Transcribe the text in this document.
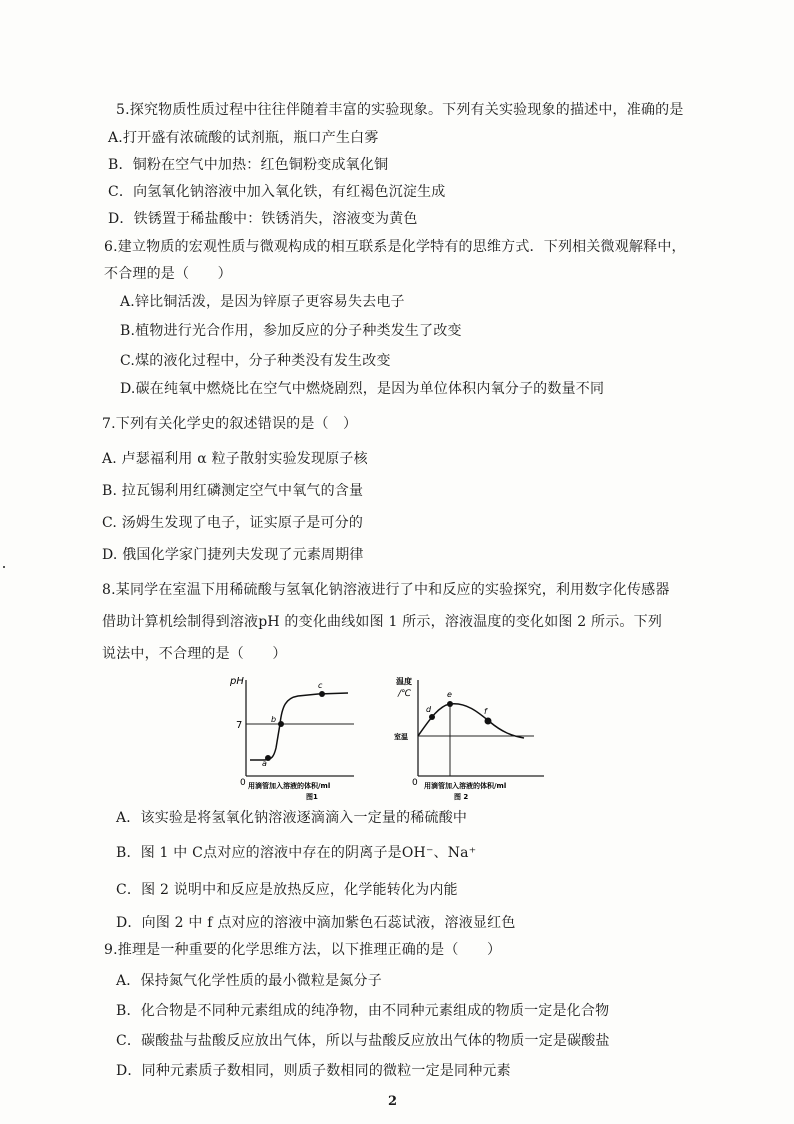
5.探究物质性质过程中往往伴随着丰富的实验现象。下列有关实验现象的描述中，准确的是
A.打开盛有浓硫酸的试剂瓶，瓶口产生白雾
B．铜粉在空气中加热：红色铜粉变成氧化铜
C．向氢氧化钠溶液中加入氧化铁，有红褐色沉淀生成
D．铁锈置于稀盐酸中：铁锈消失，溶液变为黄色
6.建立物质的宏观性质与微观构成的相互联系是化学特有的思维方式．下列相关微观解释中，
不合理的是（　　）
A.锌比铜活泼，是因为锌原子更容易失去电子
B.植物进行光合作用，参加反应的分子种类发生了改变
C.煤的液化过程中，分子种类没有发生改变
D.碳在纯氧中燃烧比在空气中燃烧剧烈，是因为单位体积内氧分子的数量不同
7.下列有关化学史的叙述错误的是（　）
A. 卢瑟福利用 α 粒子散射实验发现原子核
B. 拉瓦锡利用红磷测定空气中氧气的含量
C. 汤姆生发现了电子，证实原子是可分的
D. 俄国化学家门捷列夫发现了元素周期律
8.某同学在室温下用稀硫酸与氢氧化钠溶液进行了中和反应的实验探究，利用数字化传感器
借助计算机绘制得到溶液pH 的变化曲线如图 1 所示，溶液温度的变化如图 2 所示。下列
说法中，不合理的是（　　）
pH
7
0
a
b
c
用滴管加入溶液的体积/ml
图1
温度
/℃
室温
0
d
e
f
用滴管加入溶液的体积/ml
图 2
A．该实验是将氢氧化钠溶液逐滴滴入一定量的稀硫酸中
B．图 1 中 C点对应的溶液中存在的阴离子是OH⁻、Na⁺
C．图 2 说明中和反应是放热反应，化学能转化为内能
D．向图 2 中 f 点对应的溶液中滴加紫色石蕊试液，溶液显红色
9.推理是一种重要的化学思维方法，以下推理正确的是（　　）
A．保持氮气化学性质的最小微粒是氮分子
B．化合物是不同种元素组成的纯净物，由不同种元素组成的物质一定是化合物
C．碳酸盐与盐酸反应放出气体，所以与盐酸反应放出气体的物质一定是碳酸盐
D．同种元素质子数相同，则质子数相同的微粒一定是同种元素
2
